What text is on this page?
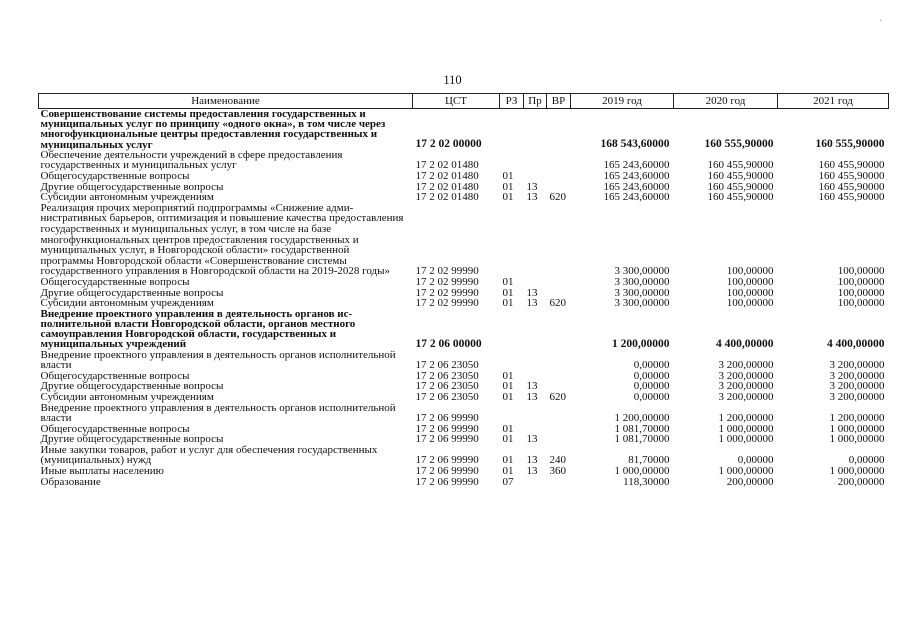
'
110
Наименование	ЦСТ	РЗ	Пр	ВР	2019 год	2020 год	2021 год
Совершенствование системы предоставления государственных и муниципальных услуг по принципу «одного окна», в том числе через многофункциональные центры предоставления государственных и муниципальных услуг	17 2 02 00000				168 543,60000	160 555,90000	160 555,90000
Обеспечение деятельности учреждений в сфере предоставления государственных и муниципальных услуг	17 2 02 01480				165 243,60000	160 455,90000	160 455,90000
Общегосударственные вопросы	17 2 02 01480	01			165 243,60000	160 455,90000	160 455,90000
Другие общегосударственные вопросы	17 2 02 01480	01	13		165 243,60000	160 455,90000	160 455,90000
Субсидии автономным учреждениям	17 2 02 01480	01	13	620	165 243,60000	160 455,90000	160 455,90000
Реализация прочих мероприятий подпрограммы «Снижение административных барьеров, оптимизация и повышение качества предоставления государственных и муниципальных услуг, в том числе на базе многофункциональных центров предоставления государственных и муниципальных услуг, в Новгородской области» государственной программы Новгородской области «Совершенствование системы государственного управления в Новгородской области на 2019-2028 годы»	17 2 02 99990				3 300,00000	100,00000	100,00000
Общегосударственные вопросы	17 2 02 99990	01			3 300,00000	100,00000	100,00000
Другие общегосударственные вопросы	17 2 02 99990	01	13		3 300,00000	100,00000	100,00000
Субсидии автономным учреждениям	17 2 02 99990	01	13	620	3 300,00000	100,00000	100,00000
Внедрение проектного управления в деятельность органов исполнительной власти Новгородской области, органов местного самоуправления Новгородской области, государственных и муниципальных учреждений	17 2 06 00000				1 200,00000	4 400,00000	4 400,00000
Внедрение проектного управления в деятельность органов исполнительной власти	17 2 06 23050				0,00000	3 200,00000	3 200,00000
Общегосударственные вопросы	17 2 06 23050	01			0,00000	3 200,00000	3 200,00000
Другие общегосударственные вопросы	17 2 06 23050	01	13		0,00000	3 200,00000	3 200,00000
Субсидии автономным учреждениям	17 2 06 23050	01	13	620	0,00000	3 200,00000	3 200,00000
Внедрение проектного управления в деятельность органов исполнительной власти	17 2 06 99990				1 200,00000	1 200,00000	1 200,00000
Общегосударственные вопросы	17 2 06 99990	01			1 081,70000	1 000,00000	1 000,00000
Другие общегосударственные вопросы	17 2 06 99990	01	13		1 081,70000	1 000,00000	1 000,00000
Иные закупки товаров, работ и услуг для обеспечения государственных (муниципальных) нужд	17 2 06 99990	01	13	240	81,70000	0,00000	0,00000
Иные выплаты населению	17 2 06 99990	01	13	360	1 000,00000	1 000,00000	1 000,00000
Образование	17 2 06 99990	07			118,30000	200,00000	200,00000
